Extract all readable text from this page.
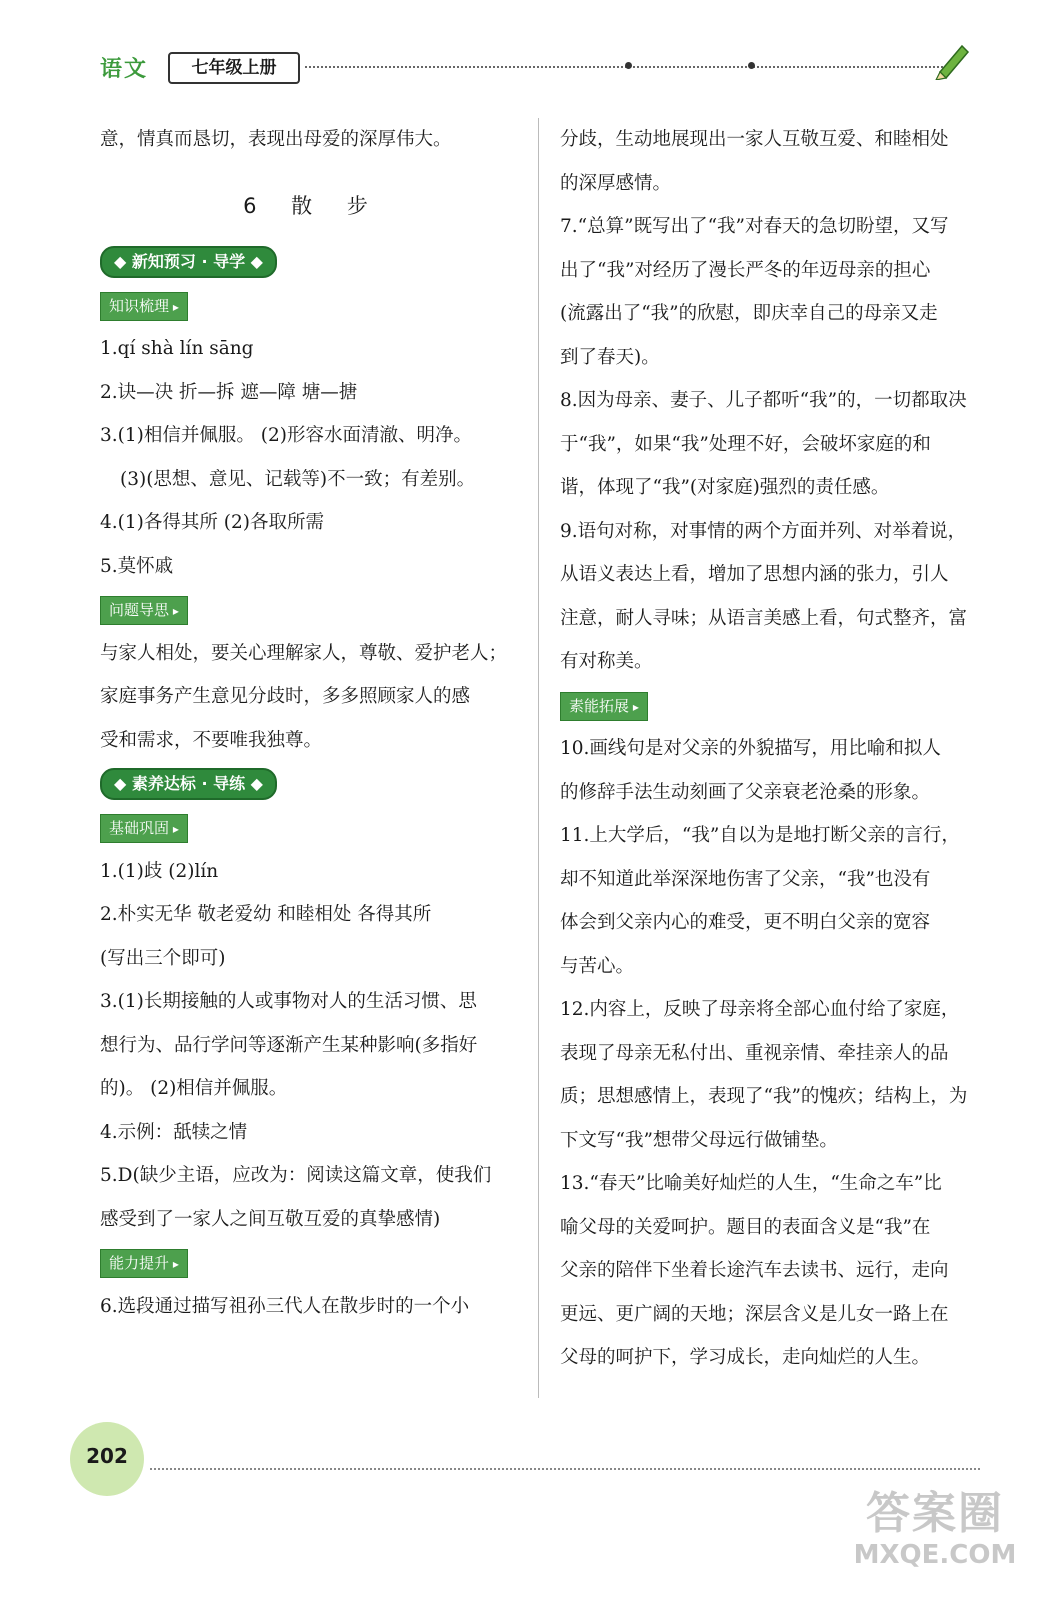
语文	七年级上册
意，情真而恳切，表现出母爱的深厚伟大。
6 散 步
◆ 新知预习 · 导学 ◆
知识梳理 ▸
1.qí shà lín sāng
2.诀—决 折—拆 遮—障 塘—搪
3.(1)相信并佩服。 (2)形容水面清澈、明净。
(3)(思想、意见、记载等)不一致；有差别。
4.(1)各得其所 (2)各取所需
5.莫怀戚
问题导思 ▸
与家人相处，要关心理解家人，尊敬、爱护老人；
家庭事务产生意见分歧时，多多照顾家人的感
受和需求，不要唯我独尊。
◆ 素养达标 · 导练 ◆
基础巩固 ▸
1.(1)歧 (2)lín
2.朴实无华 敬老爱幼 和睦相处 各得其所
(写出三个即可)
3.(1)长期接触的人或事物对人的生活习惯、思
想行为、品行学问等逐渐产生某种影响(多指好
的)。 (2)相信并佩服。
4.示例：舐犊之情
5.D(缺少主语，应改为：阅读这篇文章，使我们
感受到了一家人之间互敬互爱的真挚感情)
能力提升 ▸
6.选段通过描写祖孙三代人在散步时的一个小
分歧，生动地展现出一家人互敬互爱、和睦相处
的深厚感情。
7.“总算”既写出了“我”对春天的急切盼望，又写
出了“我”对经历了漫长严冬的年迈母亲的担心
(流露出了“我”的欣慰，即庆幸自己的母亲又走
到了春天)。
8.因为母亲、妻子、儿子都听“我”的，一切都取决
于“我”，如果“我”处理不好，会破坏家庭的和
谐，体现了“我”(对家庭)强烈的责任感。
9.语句对称，对事情的两个方面并列、对举着说，
从语义表达上看，增加了思想内涵的张力，引人
注意，耐人寻味；从语言美感上看，句式整齐，富
有对称美。
素能拓展 ▸
10.画线句是对父亲的外貌描写，用比喻和拟人
的修辞手法生动刻画了父亲衰老沧桑的形象。
11.上大学后，“我”自以为是地打断父亲的言行，
却不知道此举深深地伤害了父亲，“我”也没有
体会到父亲内心的难受，更不明白父亲的宽容
与苦心。
12.内容上，反映了母亲将全部心血付给了家庭，
表现了母亲无私付出、重视亲情、牵挂亲人的品
质；思想感情上，表现了“我”的愧疚；结构上，为
下文写“我”想带父母远行做铺垫。
13.“春天”比喻美好灿烂的人生，“生命之车”比
喻父母的关爱呵护。题目的表面含义是“我”在
父亲的陪伴下坐着长途汽车去读书、远行，走向
更远、更广阔的天地；深层含义是儿女一路上在
父母的呵护下，学习成长，走向灿烂的人生。
202
答案圈
MXQE.COM
